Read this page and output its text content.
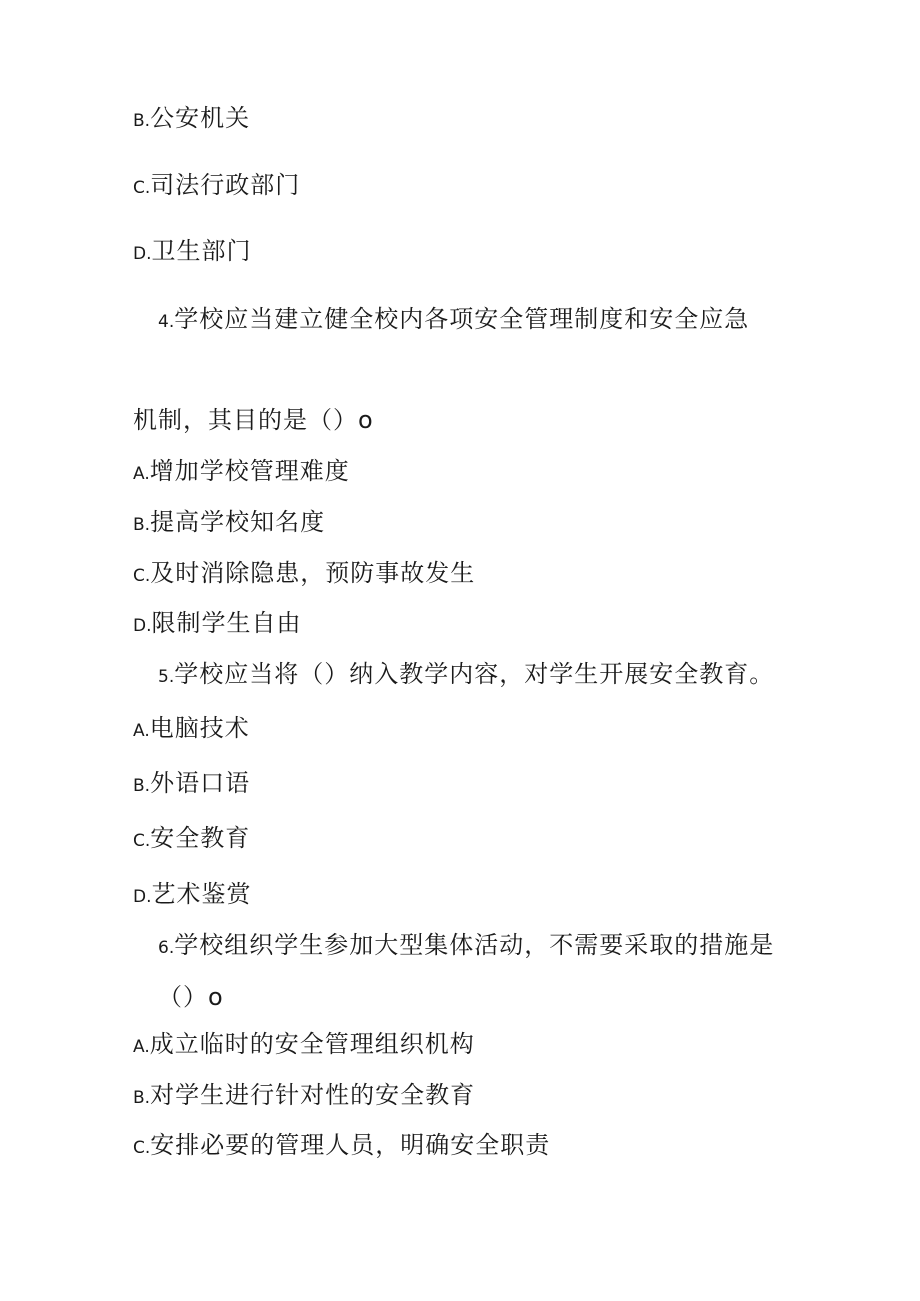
B.公安机关
C.司法行政部门
D.卫生部门
4.学校应当建立健全校内各项安全管理制度和安全应急
机制，其目的是（）o
A.增加学校管理难度
B.提高学校知名度
C.及时消除隐患，预防事故发生
D.限制学生自由
5.学校应当将（）纳入教学内容，对学生开展安全教育。
A.电脑技术
B.外语口语
C.安全教育
D.艺术鉴赏
6.学校组织学生参加大型集体活动，不需要采取的措施是
（）o
A.成立临时的安全管理组织机构
B.对学生进行针对性的安全教育
C.安排必要的管理人员，明确安全职责
